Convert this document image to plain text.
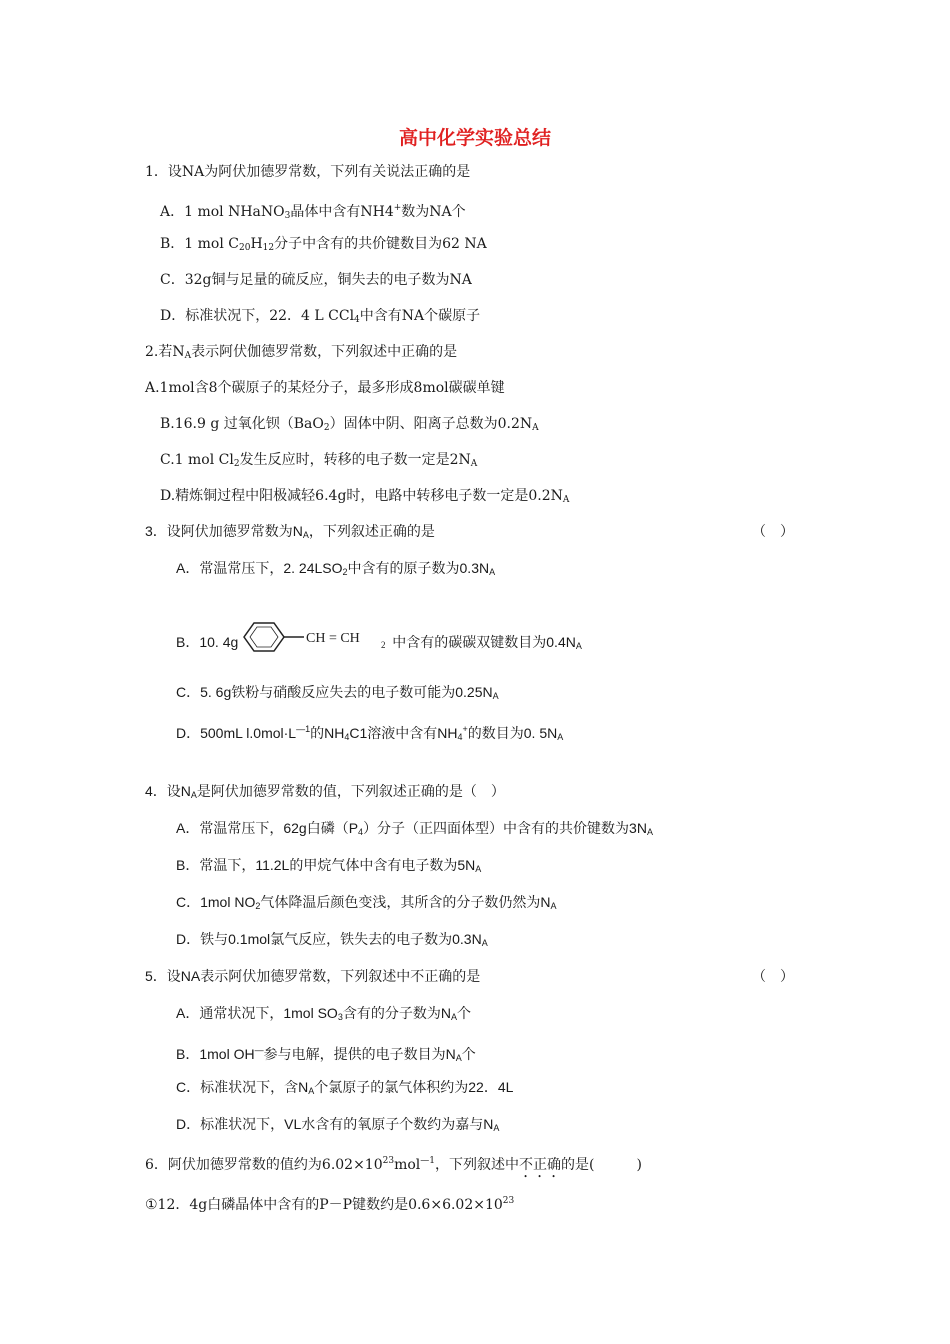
高中化学实验总结
1．设NA为阿伏加德罗常数，下列有关说法正确的是
A．1 mol NHaNO$_3$晶体中含有NH4+数为NA个
B．1 mol $C_{20}H_{12}$分子中含有的共价键数目为62 NA
C．32g铜与足量的硫反应，铜失去的电子数为NA
D．标准状况下，22．4 L CCl$_4$中含有NA个碳原子
2.若$N_A$表示阿伏伽德罗常数，下列叙述中正确的是
A.1mol含8个碳原子的某烃分子，最多形成8mol碳碳单键
B.16.9 g 过氧化钡（BaO$_2$）固体中阴、阳离子总数为$0.2N_A$
C.1 mol $Cl_2$发生反应时，转移的电子数一定是$2N_A$
D.精炼铜过程中阳极减轻6.4g时，电路中转移电子数一定是$0.2N_A$
3．设阿伏加德罗常数为$N_A$，下列叙述正确的是	（　）
A．常温常压下，2. $24LSO_2$中含有的原子数为$0.3N_A$
B．10. 4g	CH = CH 2 中含有的碳碳双键数目为$0.4N_A$
C．5. 6g铁粉与硝酸反应失去的电子数可能为$0.25N_A$
D．500mL $l.0mol\cdot L^{—1}$的$NH_4C1$溶液中含有$NH_4^+$的数目为0. $5N_A$
4．设$N_A$是阿伏加德罗常数的值，下列叙述正确的是（　）
A．常温常压下，62g白磷$(P_4)$分子（正四面体型）中含有的共价键数为$3N_A$
B．常温下，11.2L的甲烷气体中含有电子数为$5N_A$
C．1mol $NO_2$气体降温后颜色变浅，其所含的分子数仍然为$N_A$
D．铁与0.1mol氯气反应，铁失去的电子数为$0.3N_A$
5．设NA表示阿伏加德罗常数，下列叙述中不正确的是	（　）
A．通常状况下，1mol $SO_3$含有的分子数为$N_A$个
B．1mol OH—参与电解，提供的电子数目为$N_A$个
C．标准状况下，含$N_A$个氯原子的氯气体积约为22．4L
D．标准状况下，VL水含有的氧原子个数约为嘉与$N_A$
6．阿伏加德罗常数的值约为$6.02\times 10^{23}mol^{—1}$，下列叙述中不正确的是(　　　)
①12．4g白磷晶体中含有的P－P键数约是$0.6\times 6.02\times 10^{23}$
